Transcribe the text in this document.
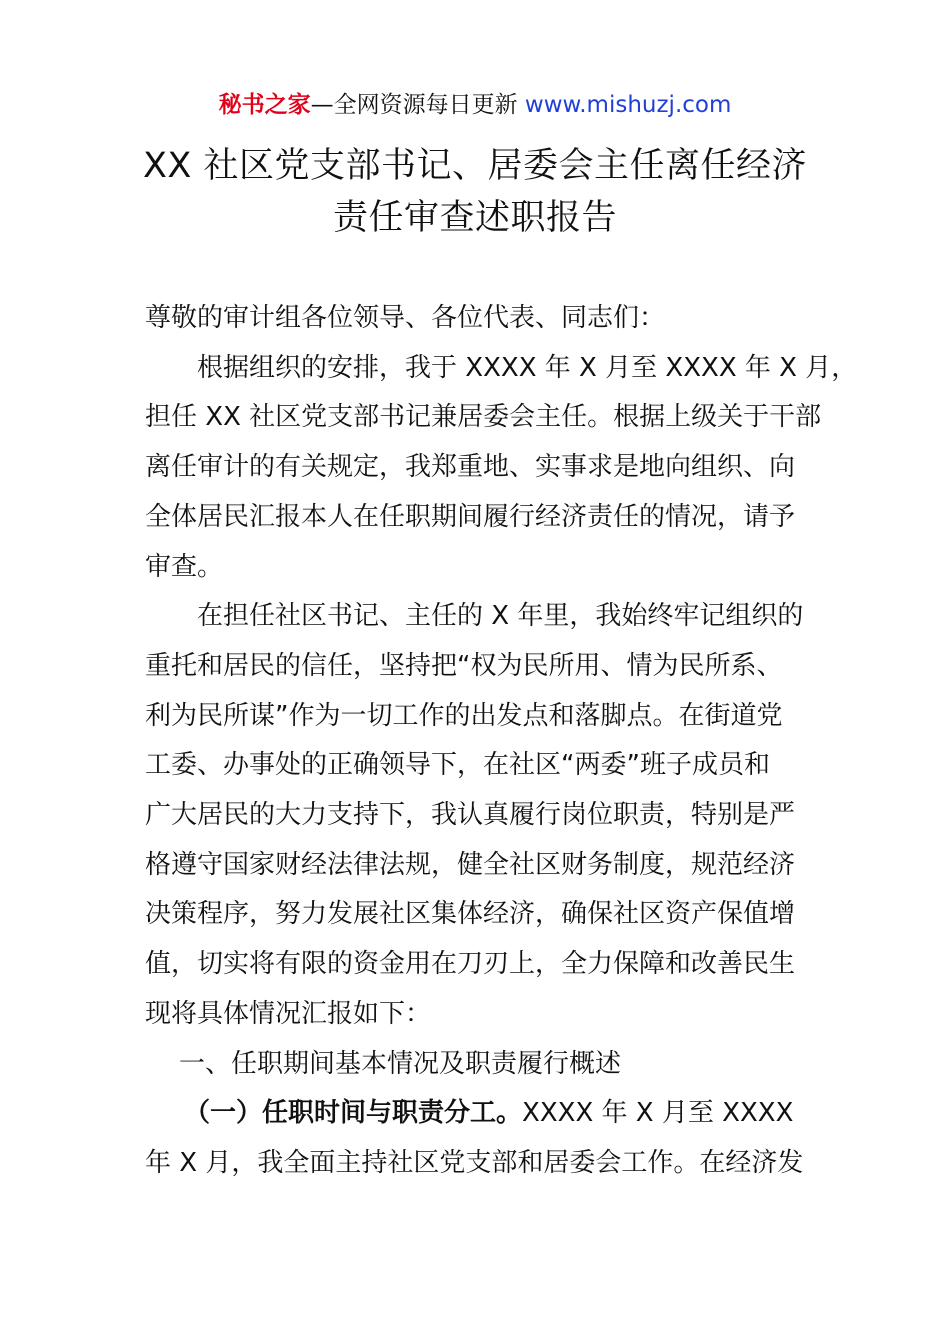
秘书之家—全网资源每日更新 www.mishuzj.com
XX 社区党支部书记、居委会主任离任经济
责任审查述职报告
尊敬的审计组各位领导、各位代表、同志们：
　　根据组织的安排，我于 XXXX 年 X 月至 XXXX 年 X 月，
担任 XX 社区党支部书记兼居委会主任。根据上级关于干部
离任审计的有关规定，我郑重地、实事求是地向组织、向
全体居民汇报本人在任职期间履行经济责任的情况，请予
审查。
　　在担任社区书记、主任的 X 年里，我始终牢记组织的
重托和居民的信任，坚持把“权为民所用、情为民所系、
利为民所谋”作为一切工作的出发点和落脚点。在街道党
工委、办事处的正确领导下，在社区“两委”班子成员和
广大居民的大力支持下，我认真履行岗位职责，特别是严
格遵守国家财经法律法规，健全社区财务制度，规范经济
决策程序，努力发展社区集体经济，确保社区资产保值增
值，切实将有限的资金用在刀刃上，全力保障和改善民生
现将具体情况汇报如下：
一、任职期间基本情况及职责履行概述
　　（一）任职时间与职责分工。XXXX 年 X 月至 XXXX
年 X 月，我全面主持社区党支部和居委会工作。在经济发
